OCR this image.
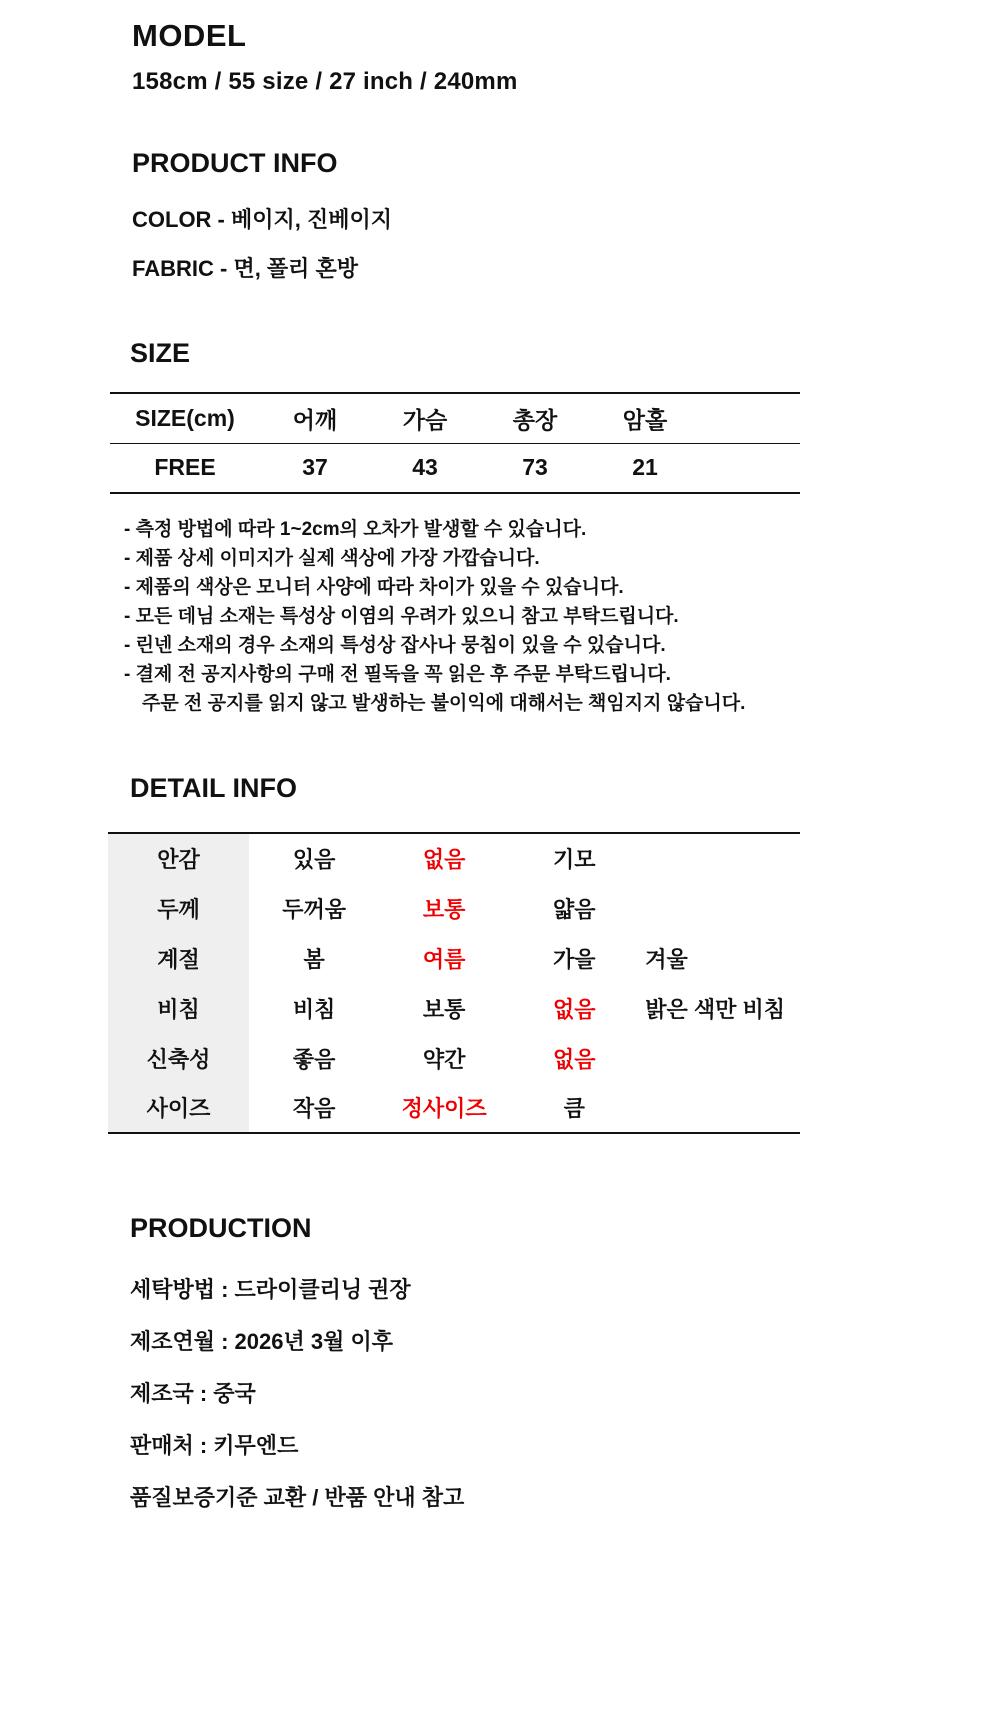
MODEL
158cm / 55 size / 27 inch / 240mm
PRODUCT INFO
COLOR - 베이지, 진베이지
FABRIC - 면, 폴리 혼방
SIZE
SIZE(cm)	어깨	가슴	총장	암홀	
FREE	37	43	73	21	
- 측정 방법에 따라 1~2cm의 오차가 발생할 수 있습니다.
- 제품 상세 이미지가 실제 색상에 가장 가깝습니다.
- 제품의 색상은 모니터 사양에 따라 차이가 있을 수 있습니다.
- 모든 데님 소재는 특성상 이염의 우려가 있으니 참고 부탁드립니다.
- 린넨 소재의 경우 소재의 특성상 잡사나 뭉침이 있을 수 있습니다.
- 결제 전 공지사항의 구매 전 필독을 꼭 읽은 후 주문 부탁드립니다.
주문 전 공지를 읽지 않고 발생하는 불이익에 대해서는 책임지지 않습니다.
DETAIL INFO
안감	있음	없음	기모	
두께	두꺼움	보통	얇음	
계절	봄	여름	가을	겨울
비침	비침	보통	없음	밝은 색만 비침
신축성	좋음	약간	없음	
사이즈	작음	정사이즈	큼	
PRODUCTION
세탁방법 : 드라이클리닝 권장
제조연월 : 2026년 3월 이후
제조국 : 중국
판매처 : 키무엔드
품질보증기준 교환 / 반품 안내 참고
